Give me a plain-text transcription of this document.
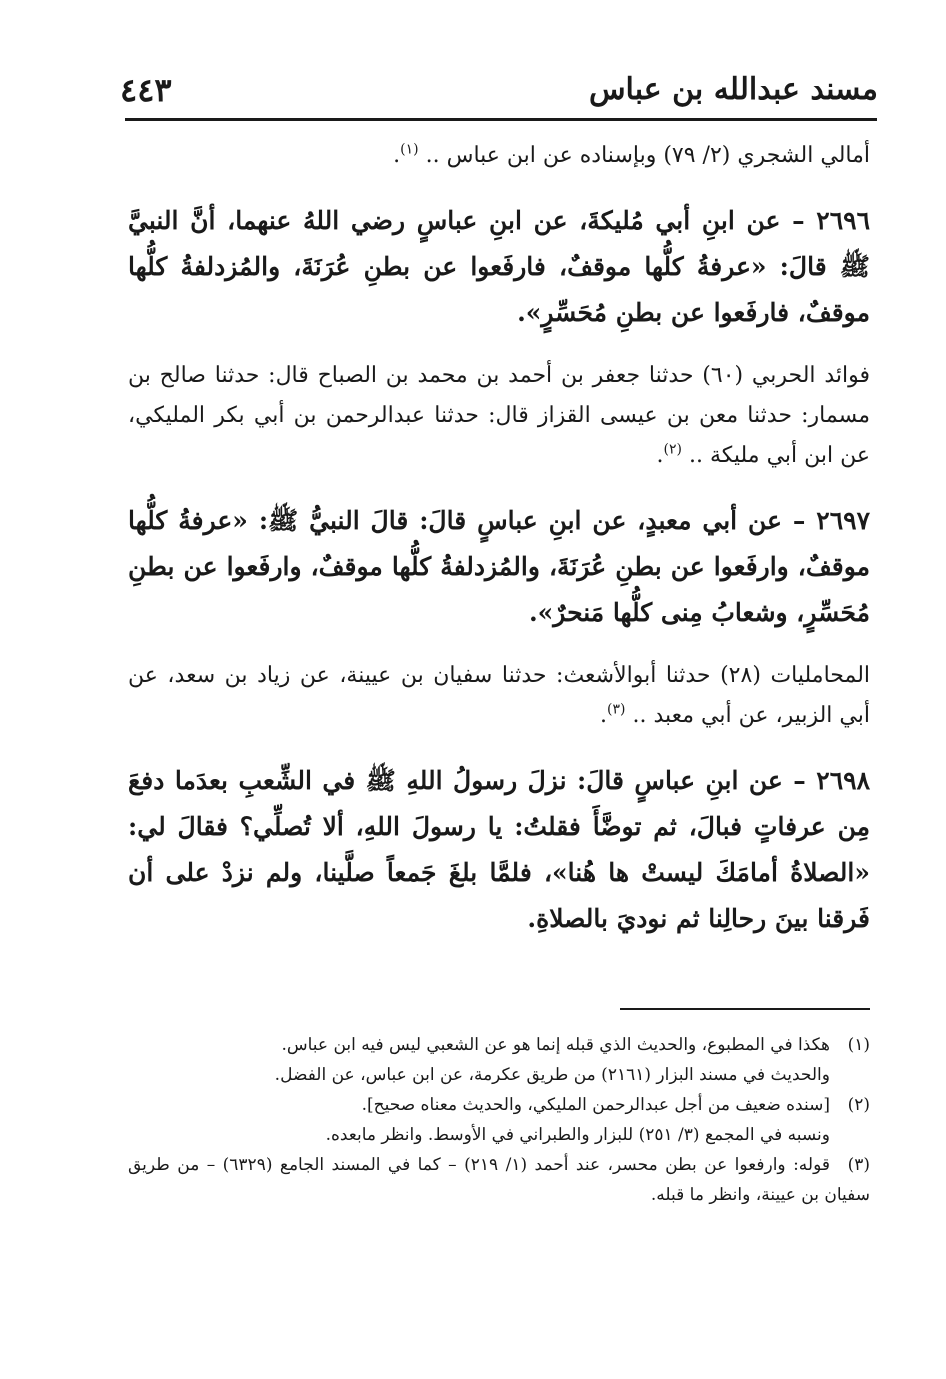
مسند عبدالله بن عباس
٤٤٣

أمالي الشجري (٢/ ٧٩) وبإسناده عن ابن عباس .. $^{(١)}$.

٢٦٩٦ – عن ابنِ أبي مُليكةَ، عن ابنِ عباسٍ رضي اللهُ عنهما، أنَّ النبيَّ ﷺ قالَ: «عرفةُ كلُّها موقفٌ، فارفَعوا عن بطنِ عُرَنَةَ، والمُزدلفةُ كلُّها موقفٌ، فارفَعوا عن بطنِ مُحَسِّرٍ».

فوائد الحربي (٦٠) حدثنا جعفر بن أحمد بن محمد بن الصباح قال: حدثنا صالح بن مسمار: حدثنا معن بن عيسى القزاز قال: حدثنا عبدالرحمن بن أبي بكر المليكي، عن ابن أبي مليكة .. $^{(٢)}$.

٢٦٩٧ – عن أبي معبدٍ، عن ابنِ عباسٍ قالَ: قالَ النبيُّ ﷺ: «عرفةُ كلُّها موقفٌ، وارفَعوا عن بطنِ عُرَنَةَ، والمُزدلفةُ كلُّها موقفٌ، وارفَعوا عن بطنِ مُحَسِّرٍ، وشعابُ مِنى كلُّها مَنحرٌ».

المحامليات (٢٨) حدثنا أبوالأشعث: حدثنا سفيان بن عيينة، عن زياد بن سعد، عن أبي الزبير، عن أبي معبد .. $^{(٣)}$.

٢٦٩٨ – عن ابنِ عباسٍ قالَ: نزلَ رسولُ اللهِ ﷺ في الشِّعبِ بعدَما دفعَ مِن عرفاتٍ فبالَ، ثم توضَّأَ فقلتُ: يا رسولَ اللهِ، ألا تُصلِّي؟ فقالَ لي: «الصلاةُ أمامَكَ ليستْ ها هُنا»، فلمَّا بلغَ جَمعاً صلَّينا، ولم نزدْ على أن فَرقنا بينَ رحالِنا ثم نوديَ بالصلاةِ.

(١)هكذا في المطبوع، والحديث الذي قبله إنما هو عن الشعبي ليس فيه ابن عباس.

والحديث في مسند البزار (٢١٦١) من طريق عكرمة، عن ابن عباس، عن الفضل.

(٢)[سنده ضعيف من أجل عبدالرحمن المليكي، والحديث معناه صحيح].

ونسبه في المجمع (٣/ ٢٥١) للبزار والطبراني في الأوسط. وانظر مابعده.

(٣)قوله: وارفعوا عن بطن محسر، عند أحمد (١/ ٢١٩) – كما في المسند الجامع (٦٣٢٩) – من طريق سفيان بن عيينة، وانظر ما قبله.
